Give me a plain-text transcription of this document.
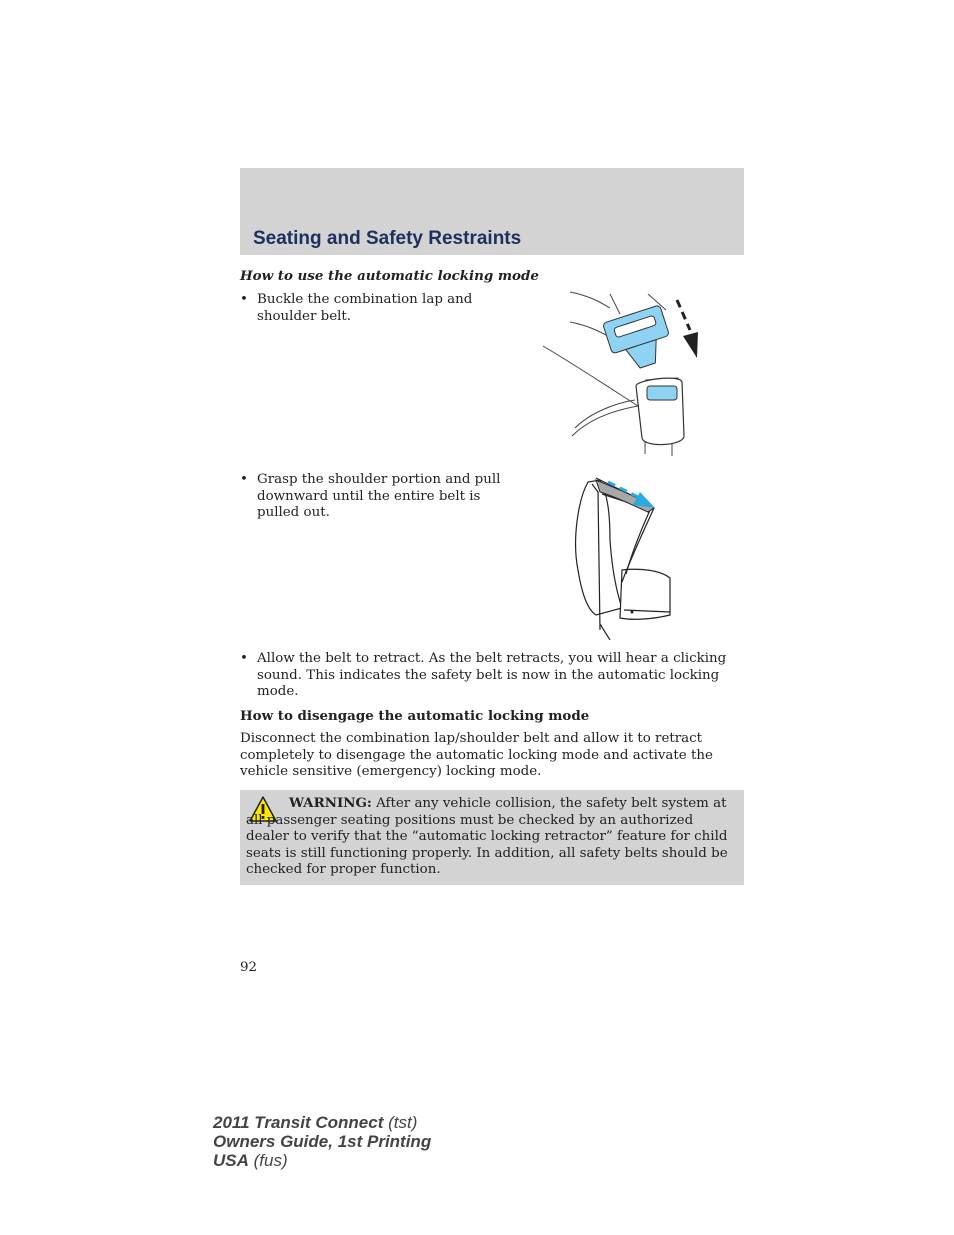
Seating and Safety Restraints
How to use the automatic locking mode
• Buckle the combination lap and shoulder belt.
• Grasp the shoulder portion and pull downward until the entire belt is pulled out.
• Allow the belt to retract. As the belt retracts, you will hear a clicking sound. This indicates the safety belt is now in the automatic locking mode.
How to disengage the automatic locking mode
Disconnect the combination lap/shoulder belt and allow it to retract completely to disengage the automatic locking mode and activate the vehicle sensitive (emergency) locking mode.
WARNING: After any vehicle collision, the safety belt system at all passenger seating positions must be checked by an authorized dealer to verify that the “automatic locking retractor” feature for child seats is still functioning properly. In addition, all safety belts should be checked for proper function.
92
2011 Transit Connect (tst)
Owners Guide, 1st Printing
USA (fus)
